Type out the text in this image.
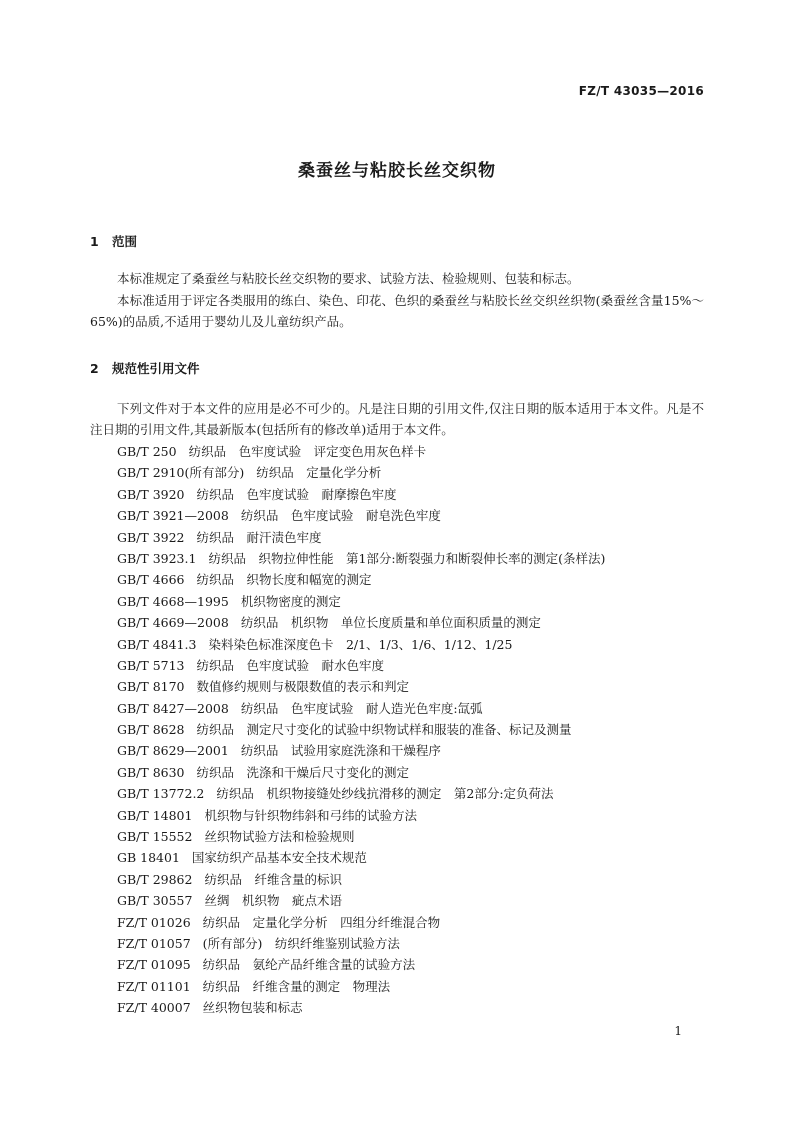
FZ/T 43035—2016
桑蚕丝与粘胶长丝交织物
1 范围

本标准规定了桑蚕丝与粘胶长丝交织物的要求、试验方法、检验规则、包装和标志。

本标准适用于评定各类服用的练白、染色、印花、色织的桑蚕丝与粘胶长丝交织丝织物(桑蚕丝含量15%～65%)的品质,不适用于婴幼儿及儿童纺织产品。

2 规范性引用文件

下列文件对于本文件的应用是必不可少的。凡是注日期的引用文件,仅注日期的版本适用于本文件。凡是不注日期的引用文件,其最新版本(包括所有的修改单)适用于本文件。

GB/T 250 纺织品　色牢度试验　评定变色用灰色样卡
GB/T 2910(所有部分) 纺织品　定量化学分析
GB/T 3920 纺织品　色牢度试验　耐摩擦色牢度
GB/T 3921—2008 纺织品　色牢度试验　耐皂洗色牢度
GB/T 3922 纺织品　耐汗渍色牢度
GB/T 3923.1 纺织品　织物拉伸性能　第1部分:断裂强力和断裂伸长率的测定(条样法)
GB/T 4666 纺织品　织物长度和幅宽的测定
GB/T 4668—1995 机织物密度的测定
GB/T 4669—2008 纺织品　机织物　单位长度质量和单位面积质量的测定
GB/T 4841.3 染料染色标准深度色卡　2/1、1/3、1/6、1/12、1/25
GB/T 5713 纺织品　色牢度试验　耐水色牢度
GB/T 8170 数值修约规则与极限数值的表示和判定
GB/T 8427—2008 纺织品　色牢度试验　耐人造光色牢度:氙弧
GB/T 8628 纺织品　测定尺寸变化的试验中织物试样和服装的准备、标记及测量
GB/T 8629—2001 纺织品　试验用家庭洗涤和干燥程序
GB/T 8630 纺织品　洗涤和干燥后尺寸变化的测定
GB/T 13772.2 纺织品　机织物接缝处纱线抗滑移的测定　第2部分:定负荷法
GB/T 14801 机织物与针织物纬斜和弓纬的试验方法
GB/T 15552 丝织物试验方法和检验规则
GB 18401 国家纺织产品基本安全技术规范
GB/T 29862 纺织品　纤维含量的标识
GB/T 30557 丝绸　机织物　疵点术语
FZ/T 01026 纺织品　定量化学分析　四组分纤维混合物
FZ/T 01057 (所有部分)　纺织纤维鉴别试验方法
FZ/T 01095 纺织品　氨纶产品纤维含量的试验方法
FZ/T 01101 纺织品　纤维含量的测定　物理法
FZ/T 40007 丝织物包装和标志
1
